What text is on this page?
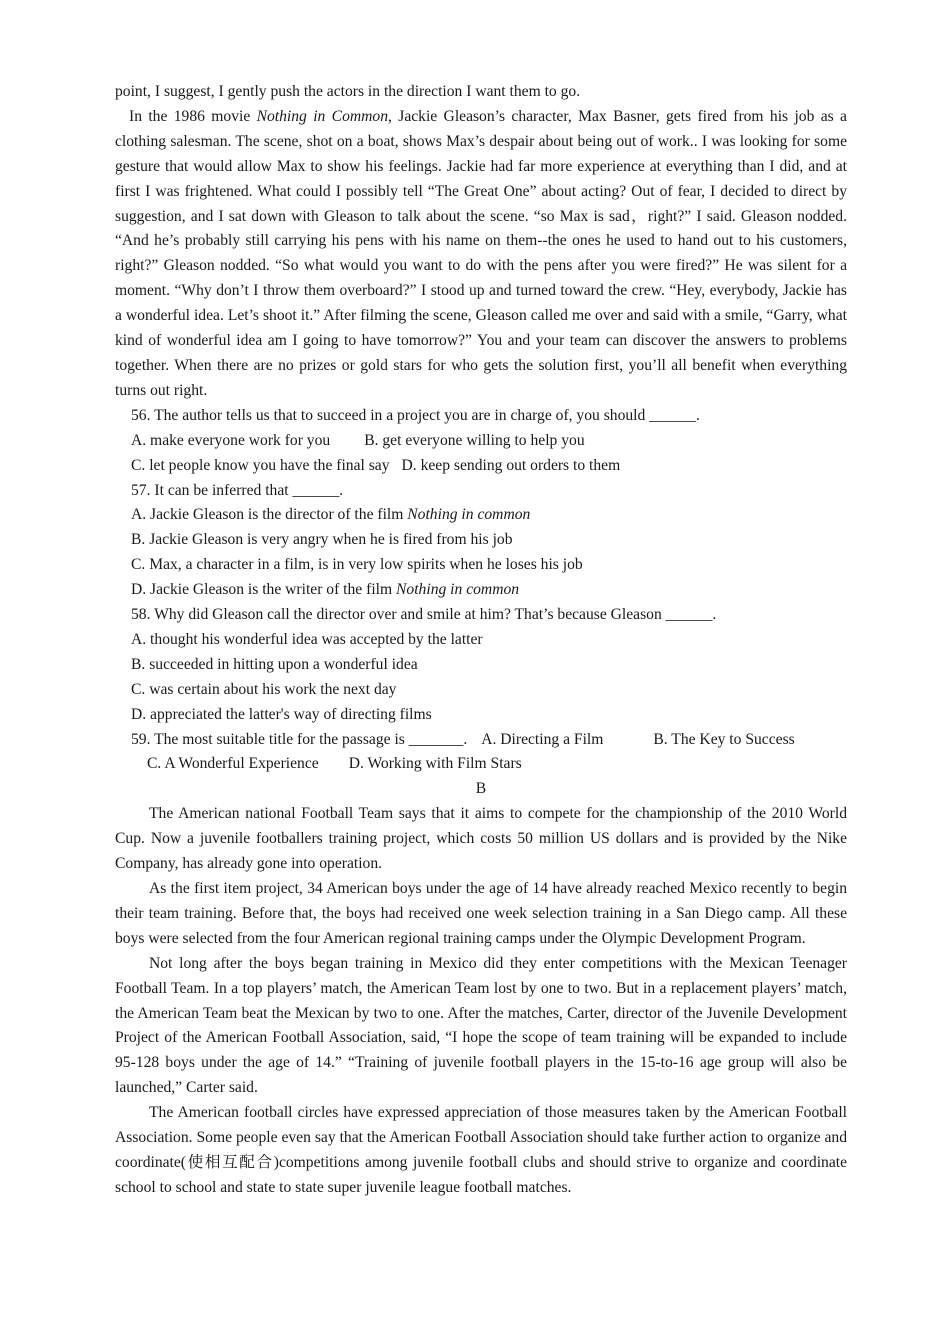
point, I suggest, I gently push the actors in the direction I want them to go.

In the 1986 movie Nothing in Common, Jackie Gleason’s character, Max Basner, gets fired from his job as a clothing salesman. The scene, shot on a boat, shows Max’s despair about being out of work.. I was looking for some gesture that would allow Max to show his feelings. Jackie had far more experience at everything than I did, and at first I was frightened. What could I possibly tell “The Great One” about acting? Out of fear, I decided to direct by suggestion, and I sat down with Gleason to talk about the scene. “so Max is sad，right?” I said. Gleason nodded. “And he’s probably still carrying his pens with his name on them--the ones he used to hand out to his customers, right?” Gleason nodded. “So what would you want to do with the pens after you were fired?” He was silent for a moment. “Why don’t I throw them overboard?” I stood up and turned toward the crew. “Hey, everybody, Jackie has a wonderful idea. Let’s shoot it.” After filming the scene, Gleason called me over and said with a smile, “Garry, what kind of wonderful idea am I going to have tomorrow?” You and your team can discover the answers to problems together. When there are no prizes or gold stars for who gets the solution first, you’ll all benefit when everything turns out right.

56. The author tells us that to succeed in a project you are in charge of, you should ______.

A. make everyone work for you B. get everyone willing to help you

C. let people know you have the final say D. keep sending out orders to them

57. It can be inferred that ______.

A. Jackie Gleason is the director of the film Nothing in common

B. Jackie Gleason is very angry when he is fired from his job

C. Max, a character in a film, is in very low spirits when he loses his job

D. Jackie Gleason is the writer of the film Nothing in common

58. Why did Gleason call the director over and smile at him? That’s because Gleason ______.

A. thought his wonderful idea was accepted by the latter

B. succeeded in hitting upon a wonderful idea

C. was certain about his work the next day

D. appreciated the latter's way of directing films

59. The most suitable title for the passage is _______. A. Directing a Film	B. The Key to Success

C. A Wonderful Experience D. Working with Film Stars

B

The American national Football Team says that it aims to compete for the championship of the 2010 World Cup. Now a juvenile footballers training project, which costs 50 million US dollars and is provided by the Nike Company, has already gone into operation.

As the first item project, 34 American boys under the age of 14 have already reached Mexico recently to begin their team training. Before that, the boys had received one week selection training in a San Diego camp. All these boys were selected from the four American regional training camps under the Olympic Development Program.

Not long after the boys began training in Mexico did they enter competitions with the Mexican Teenager Football Team. In a top players’ match, the American Team lost by one to two. But in a replacement players’ match, the American Team beat the Mexican by two to one. After the matches, Carter, director of the Juvenile Development Project of the American Football Association, said, “I hope the scope of team training will be expanded to include 95-128 boys under the age of 14.” “Training of juvenile football players in the 15-to-16 age group will also be launched,” Carter said.

The American football circles have expressed appreciation of those measures taken by the American Football Association. Some people even say that the American Football Association should take further action to organize and coordinate(使相互配合)competitions among juvenile football clubs and should strive to organize and coordinate school to school and state to state super juvenile league football matches.
